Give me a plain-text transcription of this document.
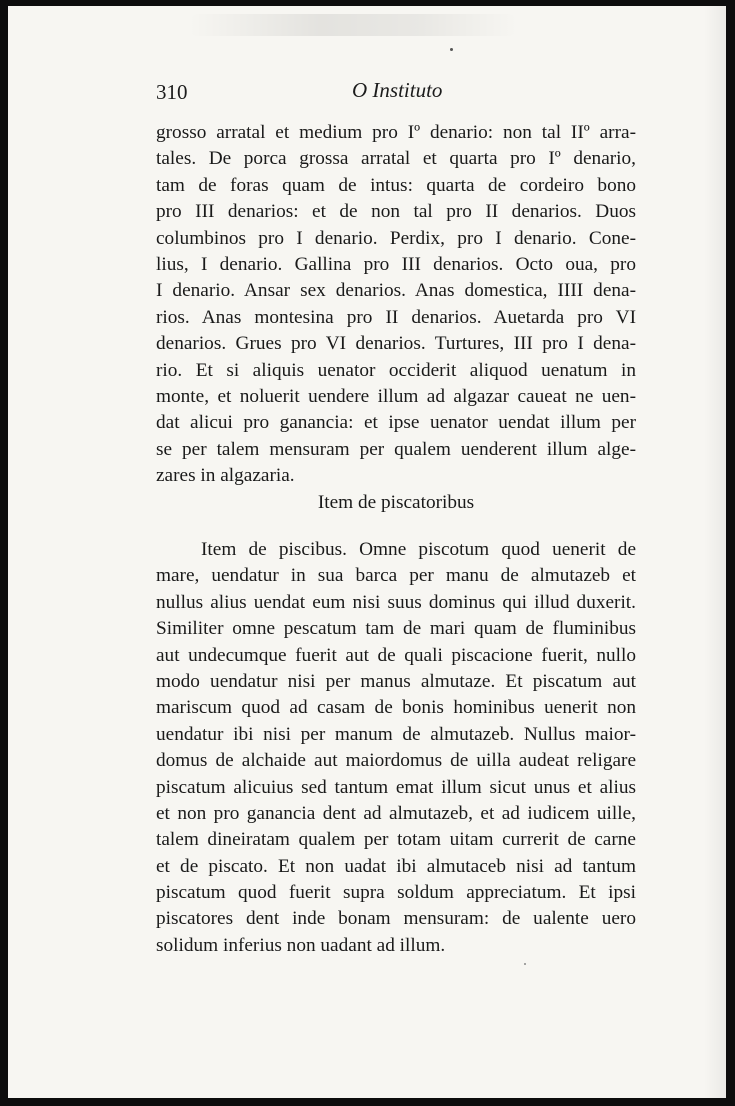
310	O Instituto
grosso arratal et medium pro Iº denario: non tal IIº arra-
tales. De porca grossa arratal et quarta pro Iº denario,
tam de foras quam de intus: quarta de cordeiro bono
pro III denarios: et de non tal pro II denarios. Duos
columbinos pro I denario. Perdix, pro I denario. Cone-
lius, I denario. Gallina pro III denarios. Octo oua, pro
I denario. Ansar sex denarios. Anas domestica, IIII dena-
rios. Anas montesina pro II denarios. Auetarda pro VI
denarios. Grues pro VI denarios. Turtures, III pro I dena-
rio. Et si aliquis uenator occiderit aliquod uenatum in
monte, et noluerit uendere illum ad algazar caueat ne uen-
dat alicui pro ganancia: et ipse uenator uendat illum per
se per talem mensuram per qualem uenderent illum alge-
zares in algazaria.
Item de piscatoribus
Item de piscibus. Omne piscotum quod uenerit de
mare, uendatur in sua barca per manu de almutazeb et
nullus alius uendat eum nisi suus dominus qui illud duxerit.
Similiter omne pescatum tam de mari quam de fluminibus
aut undecumque fuerit aut de quali piscacione fuerit, nullo
modo uendatur nisi per manus almutaze. Et piscatum aut
mariscum quod ad casam de bonis hominibus uenerit non
uendatur ibi nisi per manum de almutazeb. Nullus maior-
domus de alchaide aut maiordomus de uilla audeat religare
piscatum alicuius sed tantum emat illum sicut unus et alius
et non pro ganancia dent ad almutazeb, et ad iudicem uille,
talem dineiratam qualem per totam uitam currerit de carne
et de piscato. Et non uadat ibi almutaceb nisi ad tantum
piscatum quod fuerit supra soldum appreciatum. Et ipsi
piscatores dent inde bonam mensuram: de ualente uero
solidum inferius non uadant ad illum.
